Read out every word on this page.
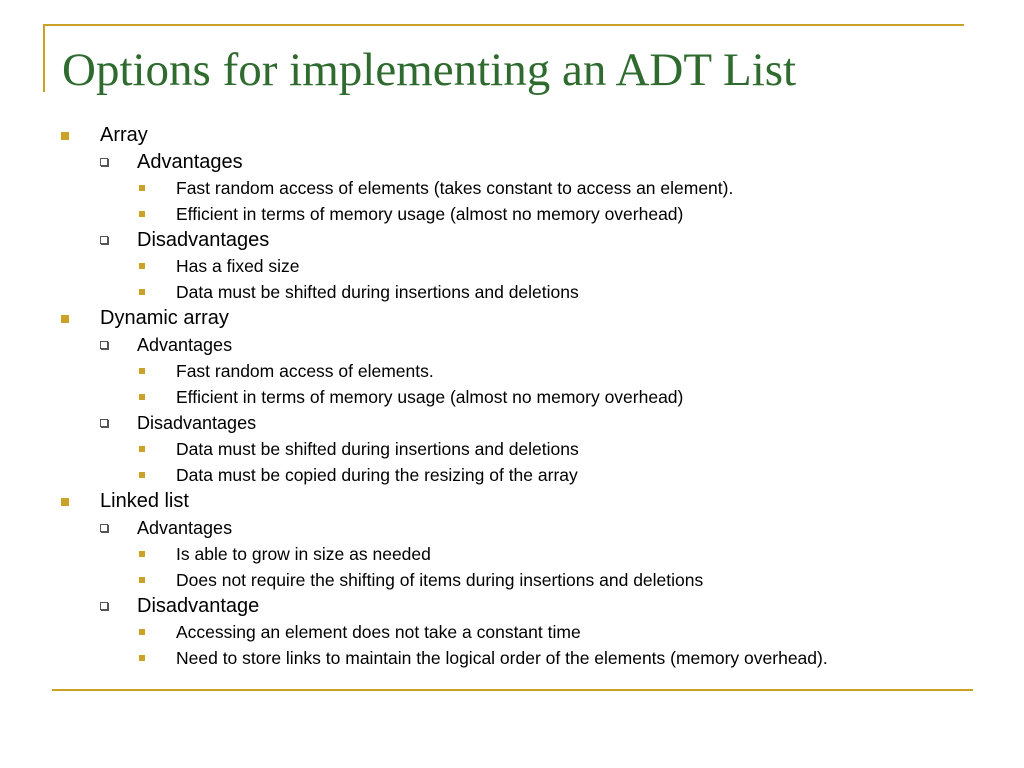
Options for implementing an ADT List
Array
Advantages
Fast random access of elements (takes constant to access an element).
Efficient in terms of memory usage (almost no memory overhead)
Disadvantages
Has a fixed size
Data must be shifted during insertions and deletions
Dynamic array
Advantages
Fast random access of elements.
Efficient in terms of memory usage (almost no memory overhead)
Disadvantages
Data must be shifted during insertions and deletions
Data must be copied during the resizing of the array
Linked list
Advantages
Is able to grow in size as needed
Does not require the shifting of items during insertions and deletions
Disadvantage
Accessing an element does not take a constant time
Need to store links to maintain the logical order of the elements (memory overhead).
